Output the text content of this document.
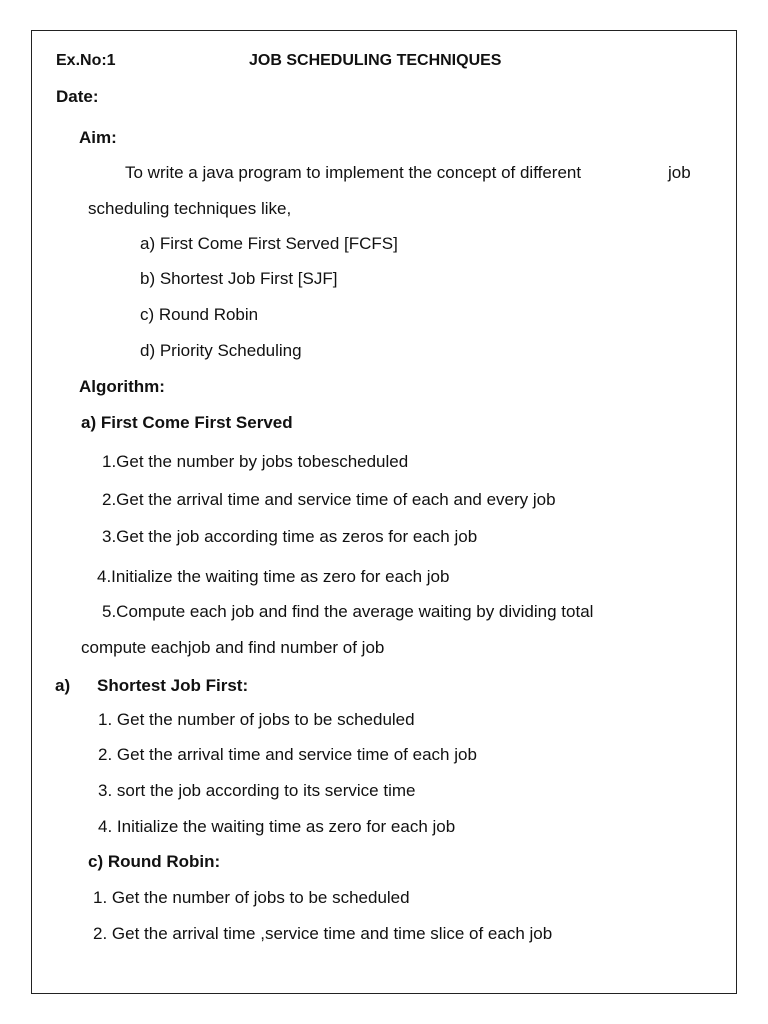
Ex.No:1	JOB SCHEDULING TECHNIQUES
Date:
Aim:
To write a java program to implement the concept of different	job
scheduling techniques like,
a) First Come First Served [FCFS]
b) Shortest Job First [SJF]
c) Round Robin
d) Priority Scheduling
Algorithm:
a) First Come First Served
1.Get the number by jobs tobescheduled
2.Get the arrival time and service time of each and every job
3.Get the job according time as zeros for each job
4.Initialize the waiting time as zero for each job
5.Compute each job and find the average waiting by dividing total
compute eachjob and find number of job
a) Shortest Job First:
1. Get the number of jobs to be scheduled
2. Get the arrival time and service time of each job
3. sort the job according to its service time
4. Initialize the waiting time as zero for each job
c) Round Robin:
1. Get the number of jobs to be scheduled
2. Get the arrival time ,service time and time slice of each job
